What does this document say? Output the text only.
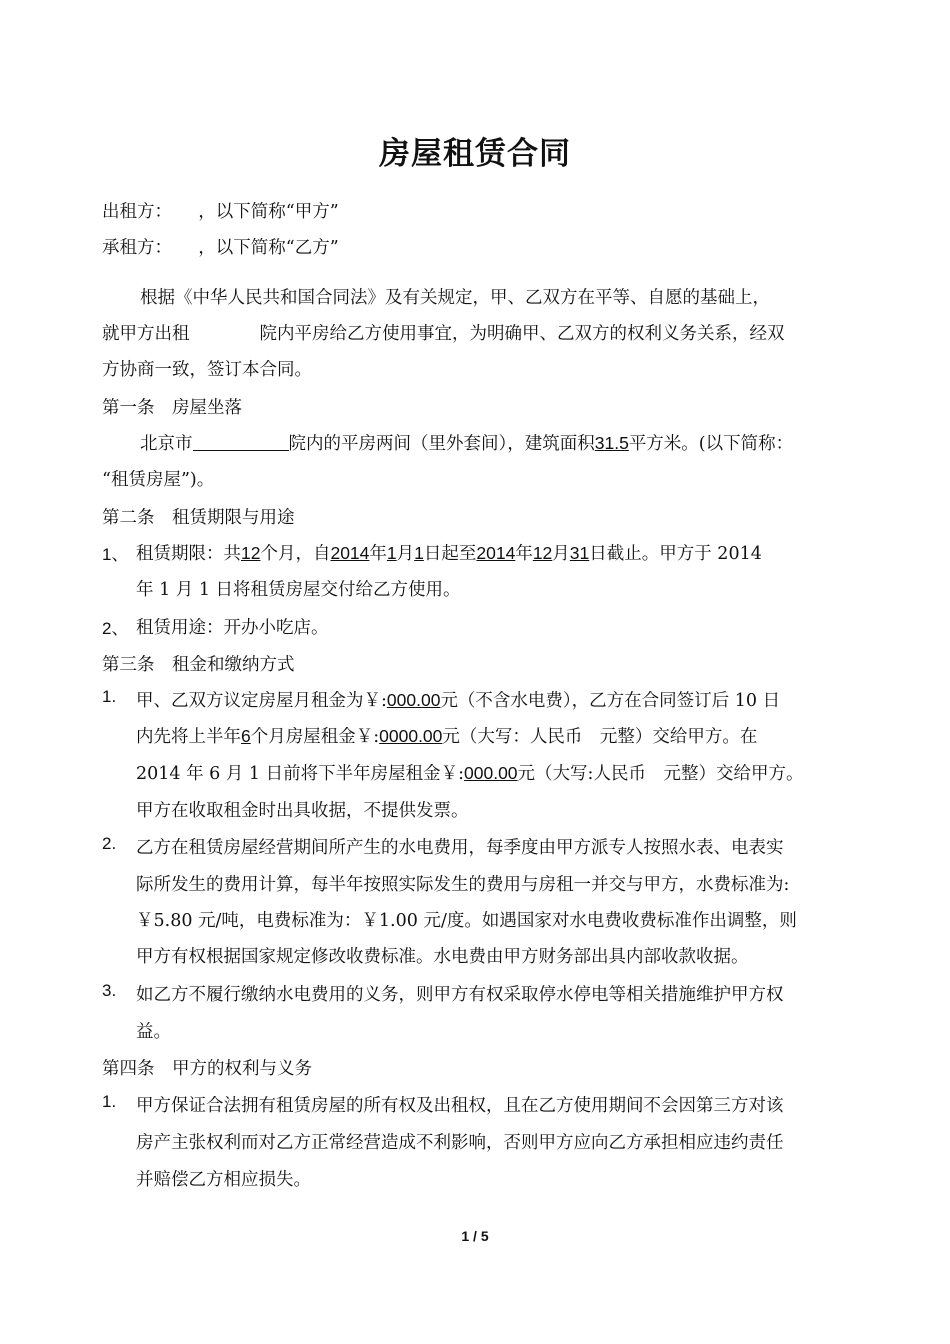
房屋租赁合同
出租方：　　，以下简称“甲方”
承租方：　　，以下简称“乙方”
根据《中华人民共和国合同法》及有关规定，甲、乙双方在平等、自愿的基础上，
就甲方出租　　　　院内平房给乙方使用事宜，为明确甲、乙双方的权利义务关系，经双
方协商一致，签订本合同。
第一条　房屋坐落
北京市	院内的平房两间（里外套间），建筑面积31.5平方米。(以下简称：
“租赁房屋”)。
第二条　租赁期限与用途
1、 租赁期限：共12个月，自2014年1月1日起至2014年12月31日截止。甲方于 2014
年 1 月 1 日将租赁房屋交付给乙方使用。
2、 租赁用途：开办小吃店。
第三条　租金和缴纳方式
1. 甲、乙双方议定房屋月租金为￥:000.00元（不含水电费），乙方在合同签订后 10 日
内先将上半年6个月房屋租金￥:0000.00元（大写：人民币　元整）交给甲方。在
2014 年 6 月 1 日前将下半年房屋租金￥:000.00元（大写:人民币　元整）交给甲方。
甲方在收取租金时出具收据，不提供发票。
2. 乙方在租赁房屋经营期间所产生的水电费用，每季度由甲方派专人按照水表、电表实
际所发生的费用计算，每半年按照实际发生的费用与房租一并交与甲方，水费标准为:
￥5.80 元/吨，电费标准为：￥1.00 元/度。如遇国家对水电费收费标准作出调整，则
甲方有权根据国家规定修改收费标准。水电费由甲方财务部出具内部收款收据。
3. 如乙方不履行缴纳水电费用的义务，则甲方有权采取停水停电等相关措施维护甲方权
益。
第四条　甲方的权利与义务
1. 甲方保证合法拥有租赁房屋的所有权及出租权，且在乙方使用期间不会因第三方对该
房产主张权利而对乙方正常经营造成不利影响，否则甲方应向乙方承担相应违约责任
并赔偿乙方相应损失。
1 / 5
